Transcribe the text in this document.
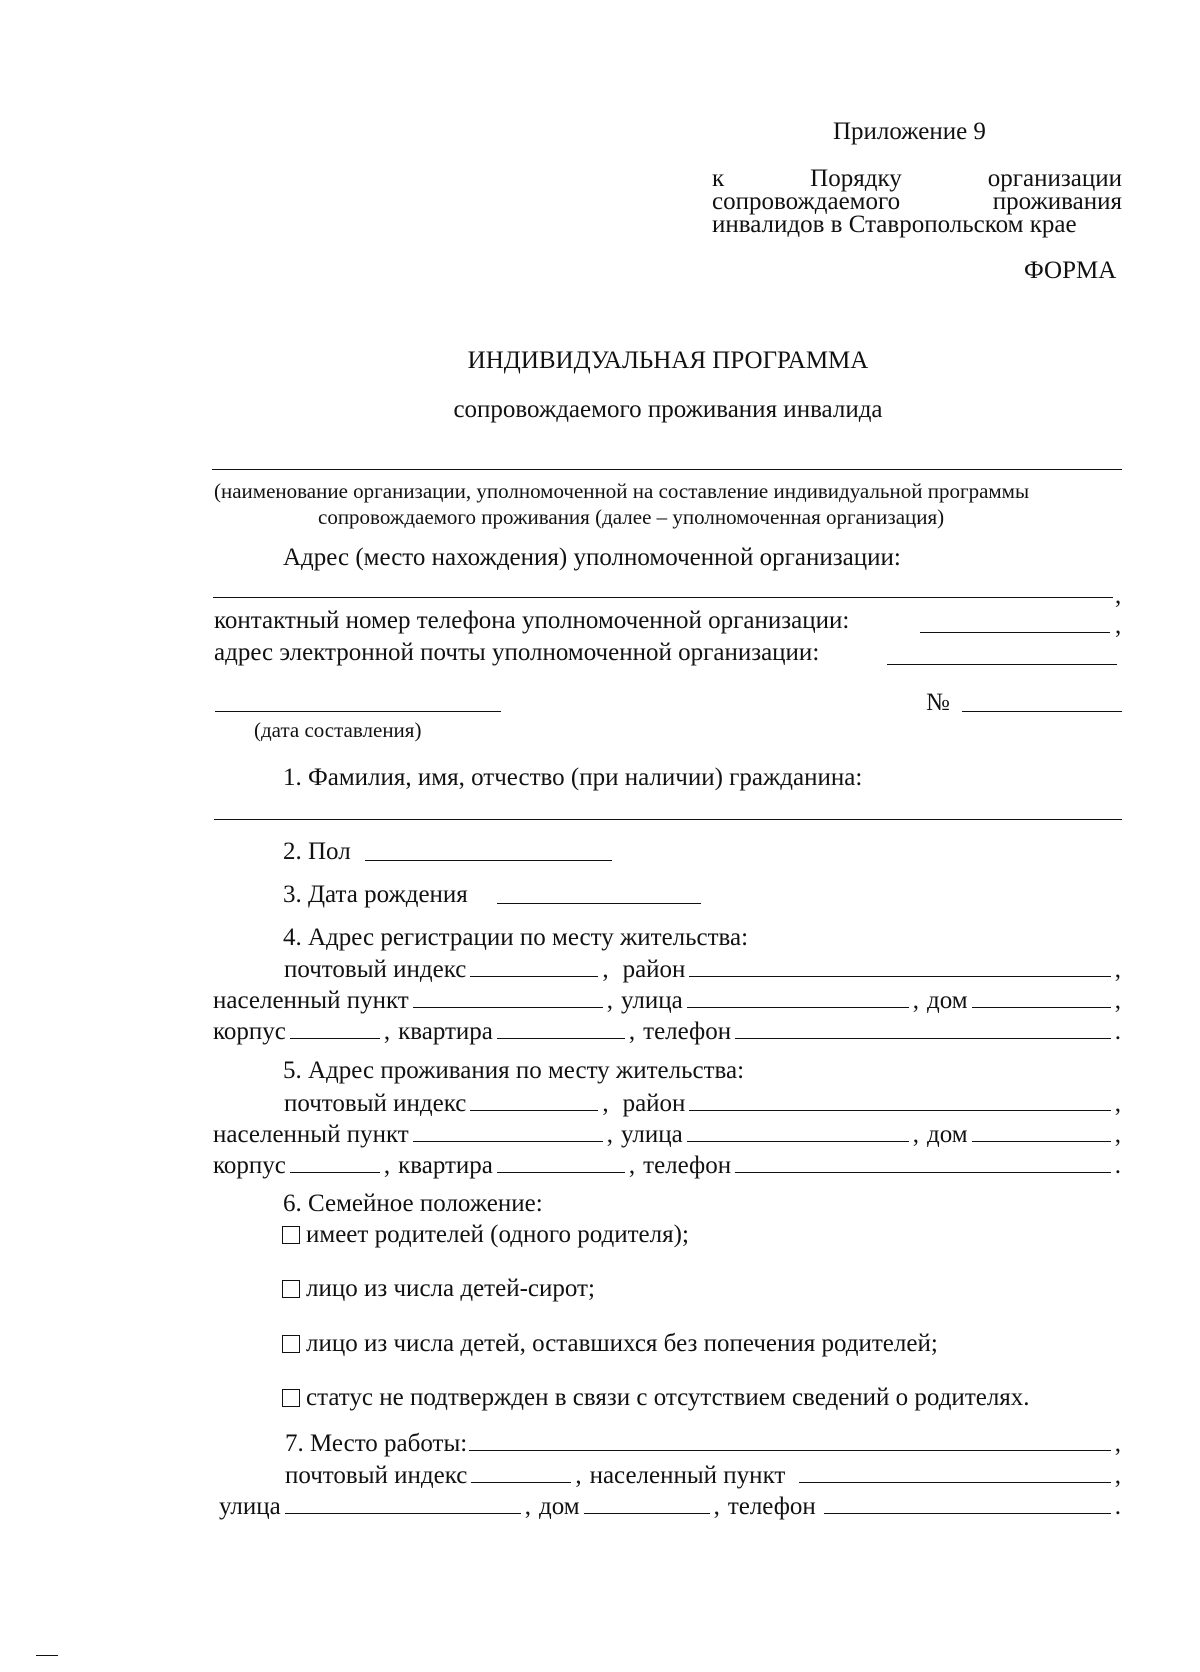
Приложение 9
к	Порядку	организации
сопровождаемого	проживания
инвалидов в Ставропольском крае
ФОРМА
ИНДИВИДУАЛЬНАЯ ПРОГРАММА
сопровождаемого проживания инвалида
(наименование организации, уполномоченной на составление индивидуальной программы
сопровождаемого проживания (далее – уполномоченная организация)
Адрес (место нахождения) уполномоченной организации:
,
контактный номер телефона уполномоченной организации:	,
адрес электронной почты уполномоченной организации:
(дата составления)
№
1. Фамилия, имя, отчество (при наличии) гражданина:
2. Пол
3. Дата рождения
4. Адрес регистрации по месту жительства:
почтовый индекс	, район	,
населенный пункт	, улица	, дом	,
корпус	, квартира	, телефон	.
5. Адрес проживания по месту жительства:
почтовый индекс	, район	,
населенный пункт	, улица	, дом	,
корпус	, квартира	, телефон	.
6. Семейное положение:
имеет родителей (одного родителя);
лицо из числа детей-сирот;
лицо из числа детей, оставшихся без попечения родителей;
статус не подтвержден в связи с отсутствием сведений о родителях.
7. Место работы:	,
почтовый индекс	, населенный пункт	,
улица	, дом	, телефон	.
